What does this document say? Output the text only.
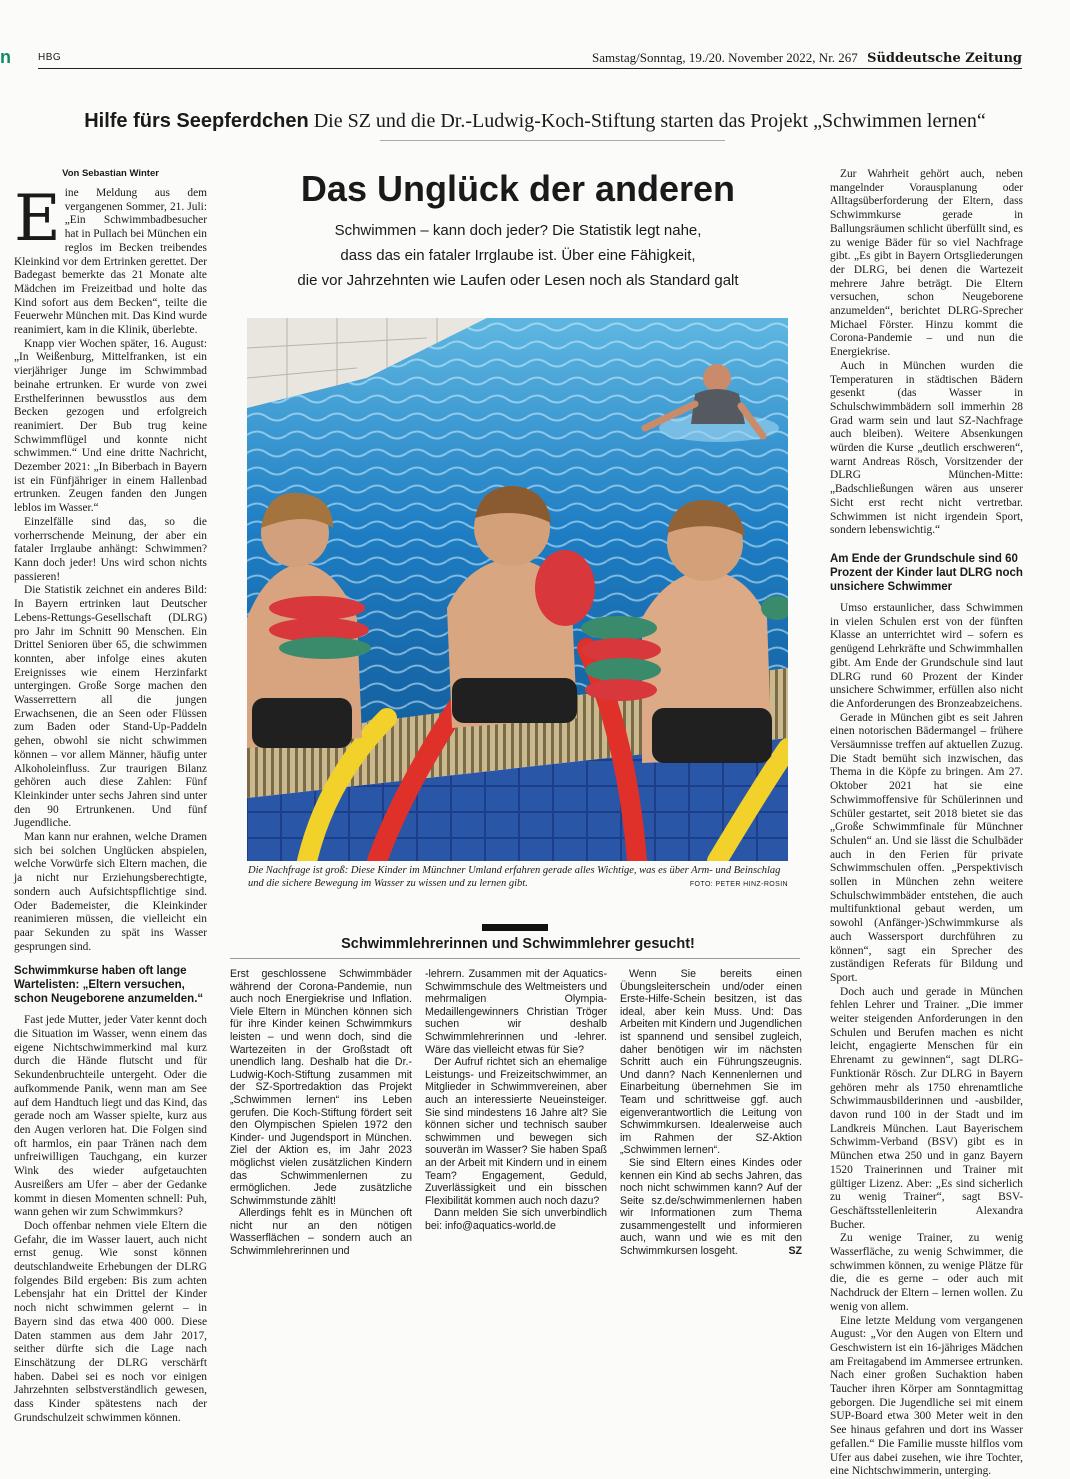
n	HBG	Samstag/Sonntag, 19./20. November 2022, Nr. 267 Süddeutsche Zeitung
Hilfe fürs Seepferdchen Die SZ und die Dr.-Ludwig-Koch-Stiftung starten das Projekt „Schwimmen lernen“
Von Sebastian Winter

Eine Meldung aus dem vergangenen Sommer, 21. Juli: „Ein Schwimmbadbesucher hat in Pullach bei München ein reglos im Becken treibendes Kleinkind vor dem Ertrinken gerettet. Der Badegast bemerkte das 21 Monate alte Mädchen im Freizeitbad und holte das Kind sofort aus dem Becken“, teilte die Feuerwehr München mit. Das Kind wurde reanimiert, kam in die Klinik, überlebte.

Knapp vier Wochen später, 16. August: „In Weißenburg, Mittelfranken, ist ein vierjähriger Junge im Schwimmbad beinahe ertrunken. Er wurde von zwei Ersthelferinnen bewusstlos aus dem Becken gezogen und erfolgreich reanimiert. Der Bub trug keine Schwimmflügel und konnte nicht schwimmen.“ Und eine dritte Nachricht, Dezember 2021: „In Biberbach in Bayern ist ein Fünfjähriger in einem Hallenbad ertrunken. Zeugen fanden den Jungen leblos im Wasser.“

Einzelfälle sind das, so die vorherrschende Meinung, der aber ein fataler Irrglaube anhängt: Schwimmen? Kann doch jeder! Uns wird schon nichts passieren!

Die Statistik zeichnet ein anderes Bild: In Bayern ertrinken laut Deutscher Lebens-Rettungs-Gesellschaft (DLRG) pro Jahr im Schnitt 90 Menschen. Ein Drittel Senioren über 65, die schwimmen konnten, aber infolge eines akuten Ereignisses wie einem Herzinfarkt untergingen. Große Sorge machen den Wasserrettern all die jungen Erwachsenen, die an Seen oder Flüssen zum Baden oder Stand-Up-Paddeln gehen, obwohl sie nicht schwimmen können – vor allem Männer, häufig unter Alkoholeinfluss. Zur traurigen Bilanz gehören auch diese Zahlen: Fünf Kleinkinder unter sechs Jahren sind unter den 90 Ertrunkenen. Und fünf Jugendliche.

Man kann nur erahnen, welche Dramen sich bei solchen Unglücken abspielen, welche Vorwürfe sich Eltern machen, die ja nicht nur Erziehungsberechtigte, sondern auch Aufsichtspflichtige sind. Oder Bademeister, die Kleinkinder reanimieren müssen, die vielleicht ein paar Sekunden zu spät ins Wasser gesprungen sind.

Schwimmkurse haben oft lange Wartelisten: „Eltern versuchen, schon Neugeborene anzumelden.“

Fast jede Mutter, jeder Vater kennt doch die Situation im Wasser, wenn einem das eigene Nichtschwimmerkind mal kurz durch die Hände flutscht und für Sekundenbruchteile untergeht. Oder die aufkommende Panik, wenn man am See auf dem Handtuch liegt und das Kind, das gerade noch am Wasser spielte, kurz aus den Augen verloren hat. Die Folgen sind oft harmlos, ein paar Tränen nach dem unfreiwilligen Tauchgang, ein kurzer Wink des wieder aufgetauchten Ausreißers am Ufer – aber der Gedanke kommt in diesen Momenten schnell: Puh, wann gehen wir zum Schwimmkurs?

Doch offenbar nehmen viele Eltern die Gefahr, die im Wasser lauert, auch nicht ernst genug. Wie sonst können deutschlandweite Erhebungen der DLRG folgendes Bild ergeben: Bis zum achten Lebensjahr hat ein Drittel der Kinder noch nicht schwimmen gelernt – in Bayern sind das etwa 400 000. Diese Daten stammen aus dem Jahr 2017, seither dürfte sich die Lage nach Einschätzung der DLRG verschärft haben. Dabei sei es noch vor einigen Jahrzehnten selbstverständlich gewesen, dass Kinder spätestens nach der Grundschulzeit schwimmen können.

Das Unglück der anderen
Schwimmen – kann doch jeder? Die Statistik legt nahe,
dass das ein fataler Irrglaube ist. Über eine Fähigkeit,
die vor Jahrzehnten wie Laufen oder Lesen noch als Standard galt
Die Nachfrage ist groß: Diese Kinder im Münchner Umland erfahren gerade alles Wichtige, was es über Arm- und Beinschlag und die sichere Bewegung im Wasser zu wissen und zu lernen gibt.	FOTO: PETER HINZ-ROSIN
Schwimmlehrerinnen und Schwimmlehrer gesucht!

Erst geschlossene Schwimmbäder während der Corona-Pandemie, nun auch noch Energiekrise und Inflation. Viele Eltern in München können sich für ihre Kinder keinen Schwimmkurs leisten – und wenn doch, sind die Wartezeiten in der Großstadt oft unendlich lang. Deshalb hat die Dr.-Ludwig-Koch-Stiftung zusammen mit der SZ-Sportredaktion das Projekt „Schwimmen lernen“ ins Leben gerufen. Die Koch-Stiftung fördert seit den Olympischen Spielen 1972 den Kinder- und Jugendsport in München. Ziel der Aktion es, im Jahr 2023 möglichst vielen zusätzlichen Kindern das Schwimmenlernen zu ermöglichen. Jede zusätzliche Schwimmstunde zählt!

Allerdings fehlt es in München oft nicht nur an den nötigen Wasserflächen – sondern auch an Schwimmlehrerinnen und

-lehrern. Zusammen mit der Aquatics-Schwimmschule des Weltmeisters und mehrmaligen Olympia-Medaillengewinners Christian Tröger suchen wir deshalb Schwimmlehrerinnen und -lehrer. Wäre das vielleicht etwas für Sie?

Der Aufruf richtet sich an ehemalige Leistungs- und Freizeitschwimmer, an Mitglieder in Schwimmvereinen, aber auch an interessierte Neueinsteiger. Sie sind mindestens 16 Jahre alt? Sie können sicher und technisch sauber schwimmen und bewegen sich souverän im Wasser? Sie haben Spaß an der Arbeit mit Kindern und in einem Team? Engagement, Geduld, Zuverlässigkeit und ein bisschen Flexibilität kommen auch noch dazu?

Dann melden Sie sich unverbindlich bei: info@aquatics-world.de

Wenn Sie bereits einen Übungsleiterschein und/oder einen Erste-Hilfe-Schein besitzen, ist das ideal, aber kein Muss. Und: Das Arbeiten mit Kindern und Jugendlichen ist spannend und sensibel zugleich, daher benötigen wir im nächsten Schritt auch ein Führungszeugnis. Und dann? Nach Kennenlernen und Einarbeitung übernehmen Sie im Team und schrittweise ggf. auch eigenverantwortlich die Leitung von Schwimmkursen. Idealerweise auch im Rahmen der SZ-Aktion „Schwimmen lernen“.

Sie sind Eltern eines Kindes oder kennen ein Kind ab sechs Jahren, das noch nicht schwimmen kann? Auf der Seite sz.de/schwimmenlernen haben wir Informationen zum Thema zusammengestellt und informieren auch, wann und wie es mit den Schwimmkursen losgeht.	SZ

Zur Wahrheit gehört auch, neben mangelnder Vorausplanung oder Alltagsüberforderung der Eltern, dass Schwimmkurse gerade in Ballungsräumen schlicht überfüllt sind, es zu wenige Bäder für so viel Nachfrage gibt. „Es gibt in Bayern Ortsgliederungen der DLRG, bei denen die Wartezeit mehrere Jahre beträgt. Die Eltern versuchen, schon Neugeborene anzumelden“, berichtet DLRG-Sprecher Michael Förster. Hinzu kommt die Corona-Pandemie – und nun die Energiekrise.

Auch in München wurden die Temperaturen in städtischen Bädern gesenkt (das Wasser in Schulschwimmbädern soll immerhin 28 Grad warm sein und laut SZ-Nachfrage auch bleiben). Weitere Absenkungen würden die Kurse „deutlich erschweren“, warnt Andreas Rösch, Vorsitzender der DLRG München-Mitte: „Badschließungen wären aus unserer Sicht erst recht nicht vertretbar. Schwimmen ist nicht irgendein Sport, sondern lebenswichtig.“

Am Ende der Grundschule sind 60 Prozent der Kinder laut DLRG noch unsichere Schwimmer

Umso erstaunlicher, dass Schwimmen in vielen Schulen erst von der fünften Klasse an unterrichtet wird – sofern es genügend Lehrkräfte und Schwimmhallen gibt. Am Ende der Grundschule sind laut DLRG rund 60 Prozent der Kinder unsichere Schwimmer, erfüllen also nicht die Anforderungen des Bronzeabzeichens.

Gerade in München gibt es seit Jahren einen notorischen Bädermangel – frühere Versäumnisse treffen auf aktuellen Zuzug. Die Stadt bemüht sich inzwischen, das Thema in die Köpfe zu bringen. Am 27. Oktober 2021 hat sie eine Schwimmoffensive für Schülerinnen und Schüler gestartet, seit 2018 bietet sie das „Große Schwimmfinale für Münchner Schulen“ an. Und sie lässt die Schulbäder auch in den Ferien für private Schwimmschulen offen. „Perspektivisch sollen in München zehn weitere Schulschwimmbäder entstehen, die auch multifunktional gebaut werden, um sowohl (Anfänger-)Schwimmkurse als auch Wassersport durchführen zu können“, sagt ein Sprecher des zuständigen Referats für Bildung und Sport.

Doch auch und gerade in München fehlen Lehrer und Trainer. „Die immer weiter steigenden Anforderungen in den Schulen und Berufen machen es nicht leicht, engagierte Menschen für ein Ehrenamt zu gewinnen“, sagt DLRG-Funktionär Rösch. Zur DLRG in Bayern gehören mehr als 1750 ehrenamtliche Schwimmausbilderinnen und -ausbilder, davon rund 100 in der Stadt und im Landkreis München. Laut Bayerischem Schwimm-Verband (BSV) gibt es in München etwa 250 und in ganz Bayern 1520 Trainerinnen und Trainer mit gültiger Lizenz. Aber: „Es sind sicherlich zu wenig Trainer“, sagt BSV-Geschäftsstellenleiterin Alexandra Bucher.

Zu wenige Trainer, zu wenig Wasserfläche, zu wenig Schwimmer, die schwimmen können, zu wenige Plätze für die, die es gerne – oder auch mit Nachdruck der Eltern – lernen wollen. Zu wenig von allem.

Eine letzte Meldung vom vergangenen August: „Vor den Augen von Eltern und Geschwistern ist ein 16-jähriges Mädchen am Freitagabend im Ammersee ertrunken. Nach einer großen Suchaktion haben Taucher ihren Körper am Sonntagmittag geborgen. Die Jugendliche sei mit einem SUP-Board etwa 300 Meter weit in den See hinaus gefahren und dort ins Wasser gefallen.“ Die Familie musste hilflos vom Ufer aus dabei zusehen, wie ihre Tochter, eine Nichtschwimmerin, unterging.
